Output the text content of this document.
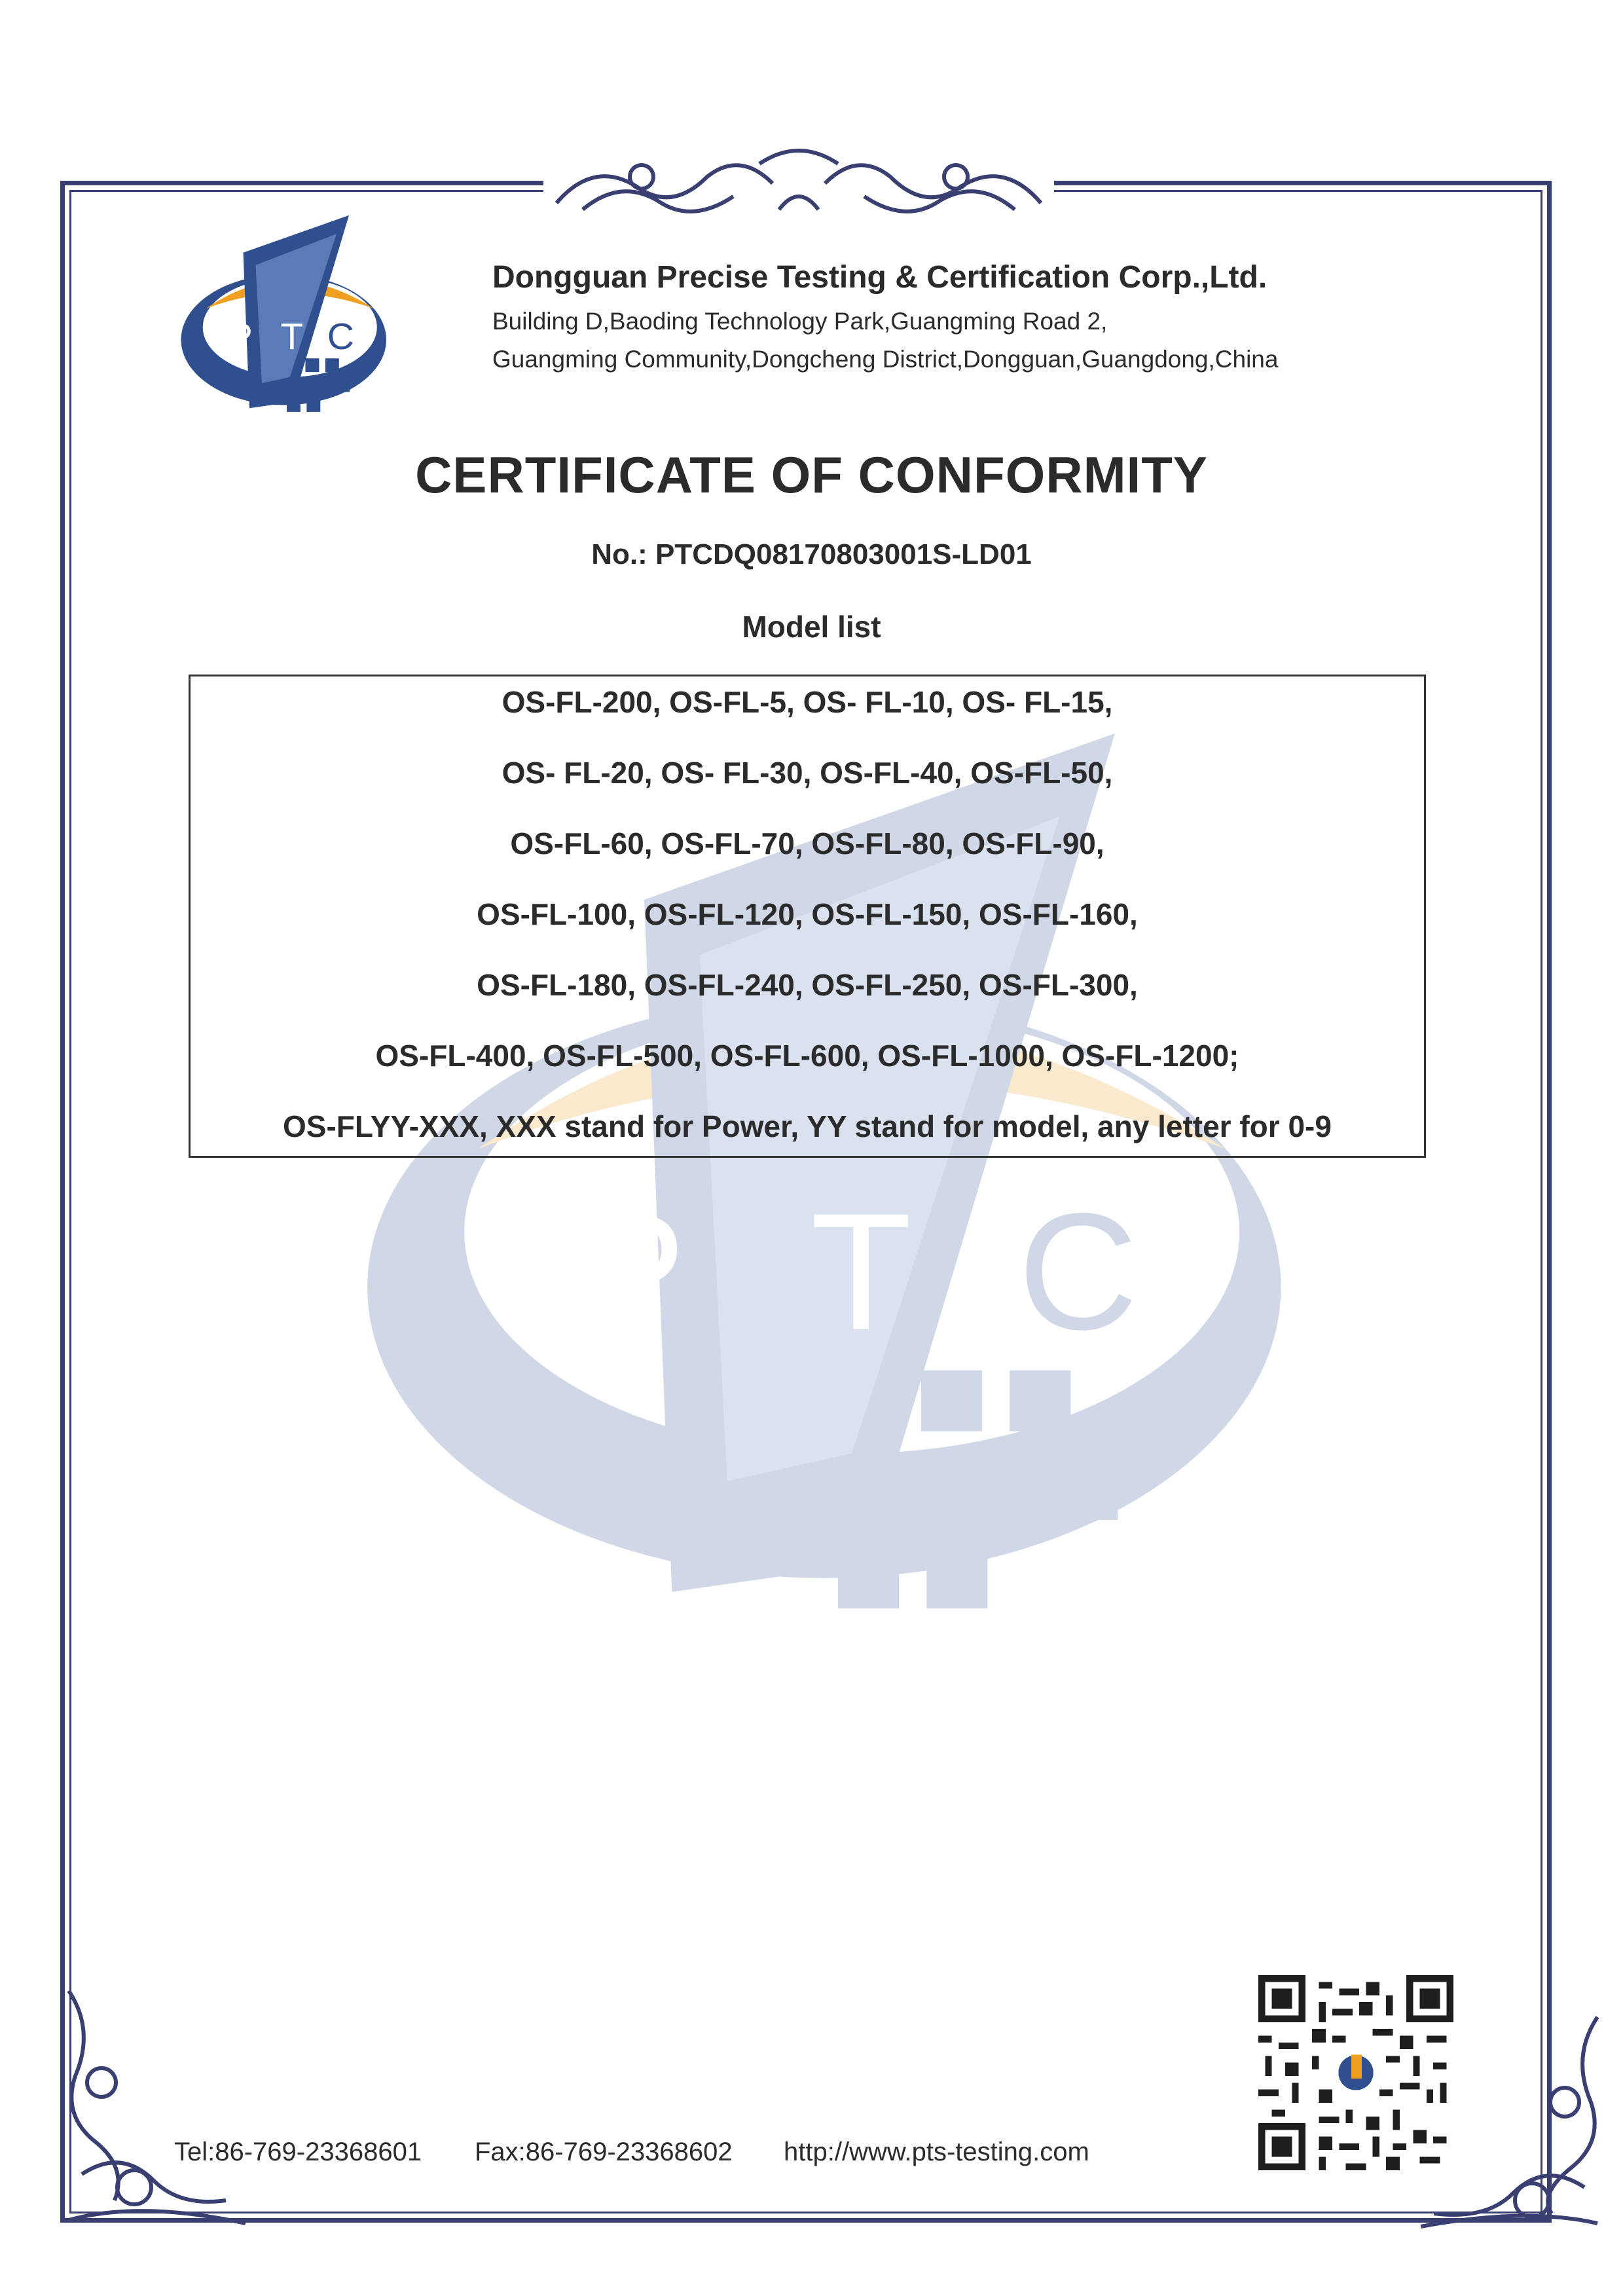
P	T	C
P T C
Dongguan Precise Testing & Certification Corp.,Ltd.
Building D,Baoding Technology Park,Guangming Road 2,
Guangming Community,Dongcheng District,Dongguan,Guangdong,China
CERTIFICATE OF CONFORMITY
No.: PTCDQ08170803001S-LD01
Model list
OS-FL-200, OS-FL-5, OS- FL-10, OS- FL-15,
OS- FL-20, OS- FL-30, OS-FL-40, OS-FL-50,
OS-FL-60, OS-FL-70, OS-FL-80, OS-FL-90,
OS-FL-100, OS-FL-120, OS-FL-150, OS-FL-160,
OS-FL-180, OS-FL-240, OS-FL-250, OS-FL-300,
OS-FL-400, OS-FL-500, OS-FL-600, OS-FL-1000, OS-FL-1200;
OS-FLYY-XXX, XXX stand for Power, YY stand for model, any letter for 0-9
Tel:86-769-23368601 Fax:86-769-23368602 http://www.pts-testing.com
